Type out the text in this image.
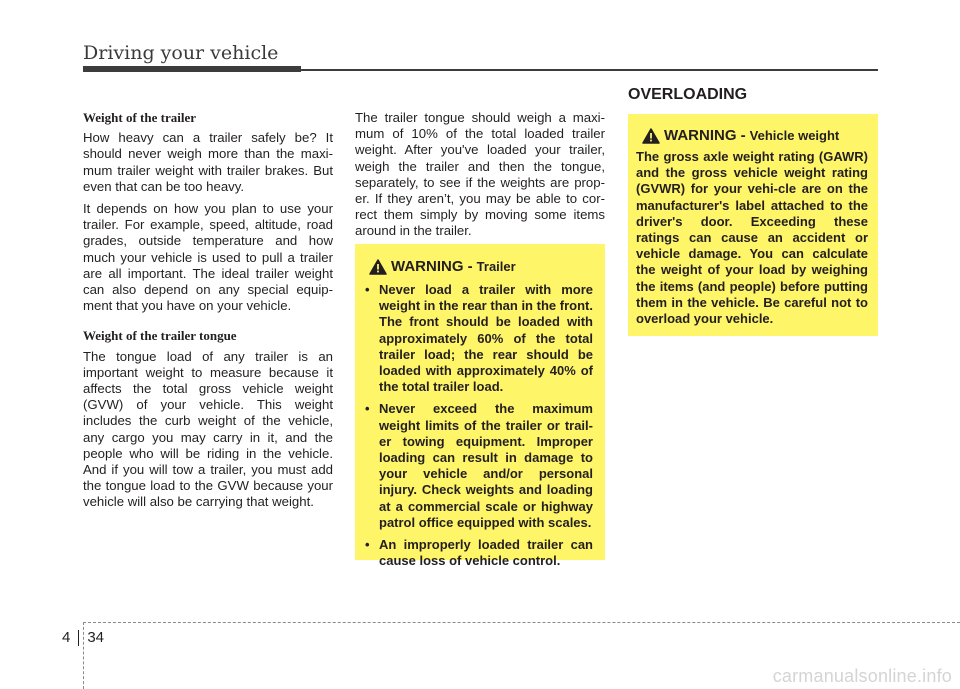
Driving your vehicle

Weight of the trailer

How heavy can a trailer safely be? It should never weigh more than the maxi-mum trailer weight with trailer brakes. But even that can be too heavy.

It depends on how you plan to use your trailer. For example, speed, altitude, road grades, outside temperature and how much your vehicle is used to pull a trailer are all important. The ideal trailer weight can also depend on any special equip-ment that you have on your vehicle.

Weight of the trailer tongue

The tongue load of any trailer is an important weight to measure because it affects the total gross vehicle weight (GVW) of your vehicle. This weight includes the curb weight of the vehicle, any cargo you may carry in it, and the people who will be riding in the vehicle. And if you will tow a trailer, you must add the tongue load to the GVW because your vehicle will also be carrying that weight.

The trailer tongue should weigh a maxi-mum of 10% of the total loaded trailer weight. After you've loaded your trailer, weigh the trailer and then the tongue, separately, to see if the weights are prop-er. If they aren’t, you may be able to cor-rect them simply by moving some items around in the trailer.

WARNING - Trailer
• Never load a trailer with more weight in the rear than in the front. The front should be loaded with approximately 60% of the total trailer load; the rear should be loaded with approximately 40% of the total trailer load.
• Never exceed the maximum weight limits of the trailer or trail-er towing equipment. Improper loading can result in damage to your vehicle and/or personal injury. Check weights and loading at a commercial scale or highway patrol office equipped with scales.
• An improperly loaded trailer can cause loss of vehicle control.
OVERLOADING
WARNING - Vehicle weight

The gross axle weight rating (GAWR) and the gross vehicle weight rating (GVWR) for your vehi-cle are on the manufacturer's label attached to the driver's door. Exceeding these ratings can cause an accident or vehicle damage. You can calculate the weight of your load by weighing the items (and people) before putting them in the vehicle. Be careful not to overload your vehicle.

4 34
carmanualsonline.info
